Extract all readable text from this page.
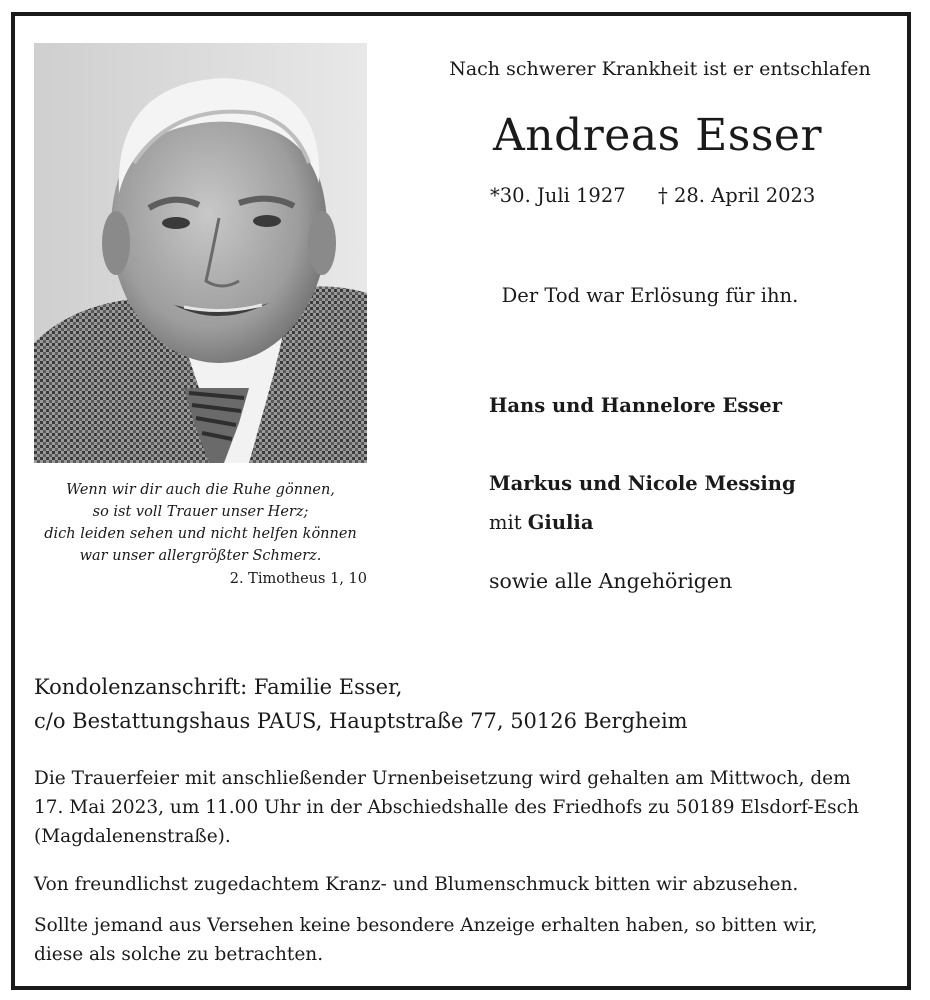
Wenn wir dir auch die Ruhe gönnen,
so ist voll Trauer unser Herz;
dich leiden sehen und nicht helfen können
war unser allergrößter Schmerz.
2. Timotheus 1, 10
Nach schwerer Krankheit ist er entschlafen
Andreas Esser
*30. Juli 1927 † 28. April 2023
Der Tod war Erlösung für ihn.
Hans und Hannelore Esser
Markus und Nicole Messing
mit Giulia
sowie alle Angehörigen
Kondolenzanschrift: Familie Esser,
c/o Bestattungshaus PAUS, Hauptstraße 77, 50126 Bergheim
Die Trauerfeier mit anschließender Urnenbeisetzung wird gehalten am Mittwoch, dem
17. Mai 2023, um 11.00 Uhr in der Abschiedshalle des Friedhofs zu 50189 Elsdorf-Esch
(Magdalenenstraße).
Von freundlichst zugedachtem Kranz- und Blumenschmuck bitten wir abzusehen.
Sollte jemand aus Versehen keine besondere Anzeige erhalten haben, so bitten wir,
diese als solche zu betrachten.
